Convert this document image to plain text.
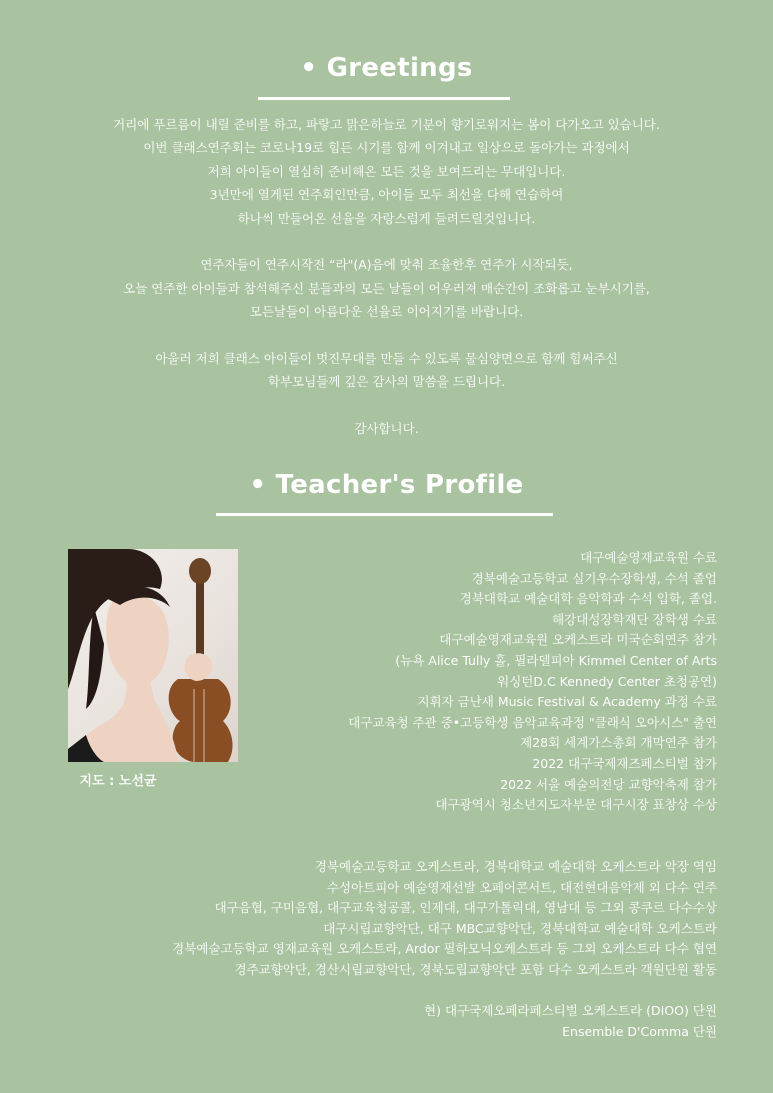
• Greetings

거리에 푸르름이 내릴 준비를 하고, 파랗고 맑은하늘로 기분이 향기로워지는 봄이 다가오고 있습니다.

이번 클래스연주회는 코로나19로 힘든 시기를 함께 이겨내고 일상으로 돌아가는 과정에서

저희 아이들이 열심히 준비해온 모든 것을 보여드리는 무대입니다.

3년만에 열게된 연주회인만큼, 아이들 모두 최선을 다해 연습하여

하나씩 만들어온 선율을 자랑스럽게 들려드릴것입니다.

연주자들이 연주시작전 “라"(A)음에 맞춰 조율한후 연주가 시작되듯,

오늘 연주한 아이들과 참석해주신 분들과의 모든 날들이 어우러져 매순간이 조화롭고 눈부시기를,

모든날들이 아름다운 선율로 이어지기를 바랍니다.

아울러 저희 클래스 아이들이 멋진무대를 만들 수 있도록 물심양면으로 함께 힘써주신

학부모님들께 깊은 감사의 말씀을 드립니다.

감사합니다.

• Teacher's Profile
지도 : 노선균
대구예술영재교육원 수료
경북예술고등학교 실기우수장학생, 수석 졸업
경북대학교 예술대학 음악학과 수석 입학, 졸업.
해강대성장학재단 장학생 수료
대구예술영재교육원 오케스트라 미국순회연주 참가
(뉴욕 Alice Tully 홀, 필라델피아 Kimmel Center of Arts
워싱턴D.C Kennedy Center 초청공연)
지휘자 금난새 Music Festival & Academy 과정 수료
대구교육청 주관 중•고등학생 음악교육과정 "클래식 오아시스" 출연
제28회 세계가스총회 개막연주 참가
2022 대구국제재즈페스티벌 참가
2022 서울 예술의전당 교향악축제 참가
대구광역시 청소년지도자부문 대구시장 표창상 수상
경북예술고등학교 오케스트라, 경북대학교 예술대학 오케스트라 악장 역임
수성아트피아 예술영재선발 오페어콘서트, 대전현대음악제 외 다수 연주
대구음협, 구미음협, 대구교육청공콜, 인제대, 대구가톨릭대, 영남대 등 그외 콩쿠르 다수수상
대구시립교향악단, 대구 MBC교향악단, 경북대학교 예술대학 오케스트라
경북예술고등학교 영재교육원 오케스트라, Ardor 필하모닉오케스트라 등 그외 오케스트라 다수 협연
경주교향악단, 경산시립교향악단, 경북도립교향악단 포함 다수 오케스트라 객원단원 활동
현) 대구국제오페라페스티벌 오케스트라 (DIOO) 단원
Ensemble D'Comma 단원
